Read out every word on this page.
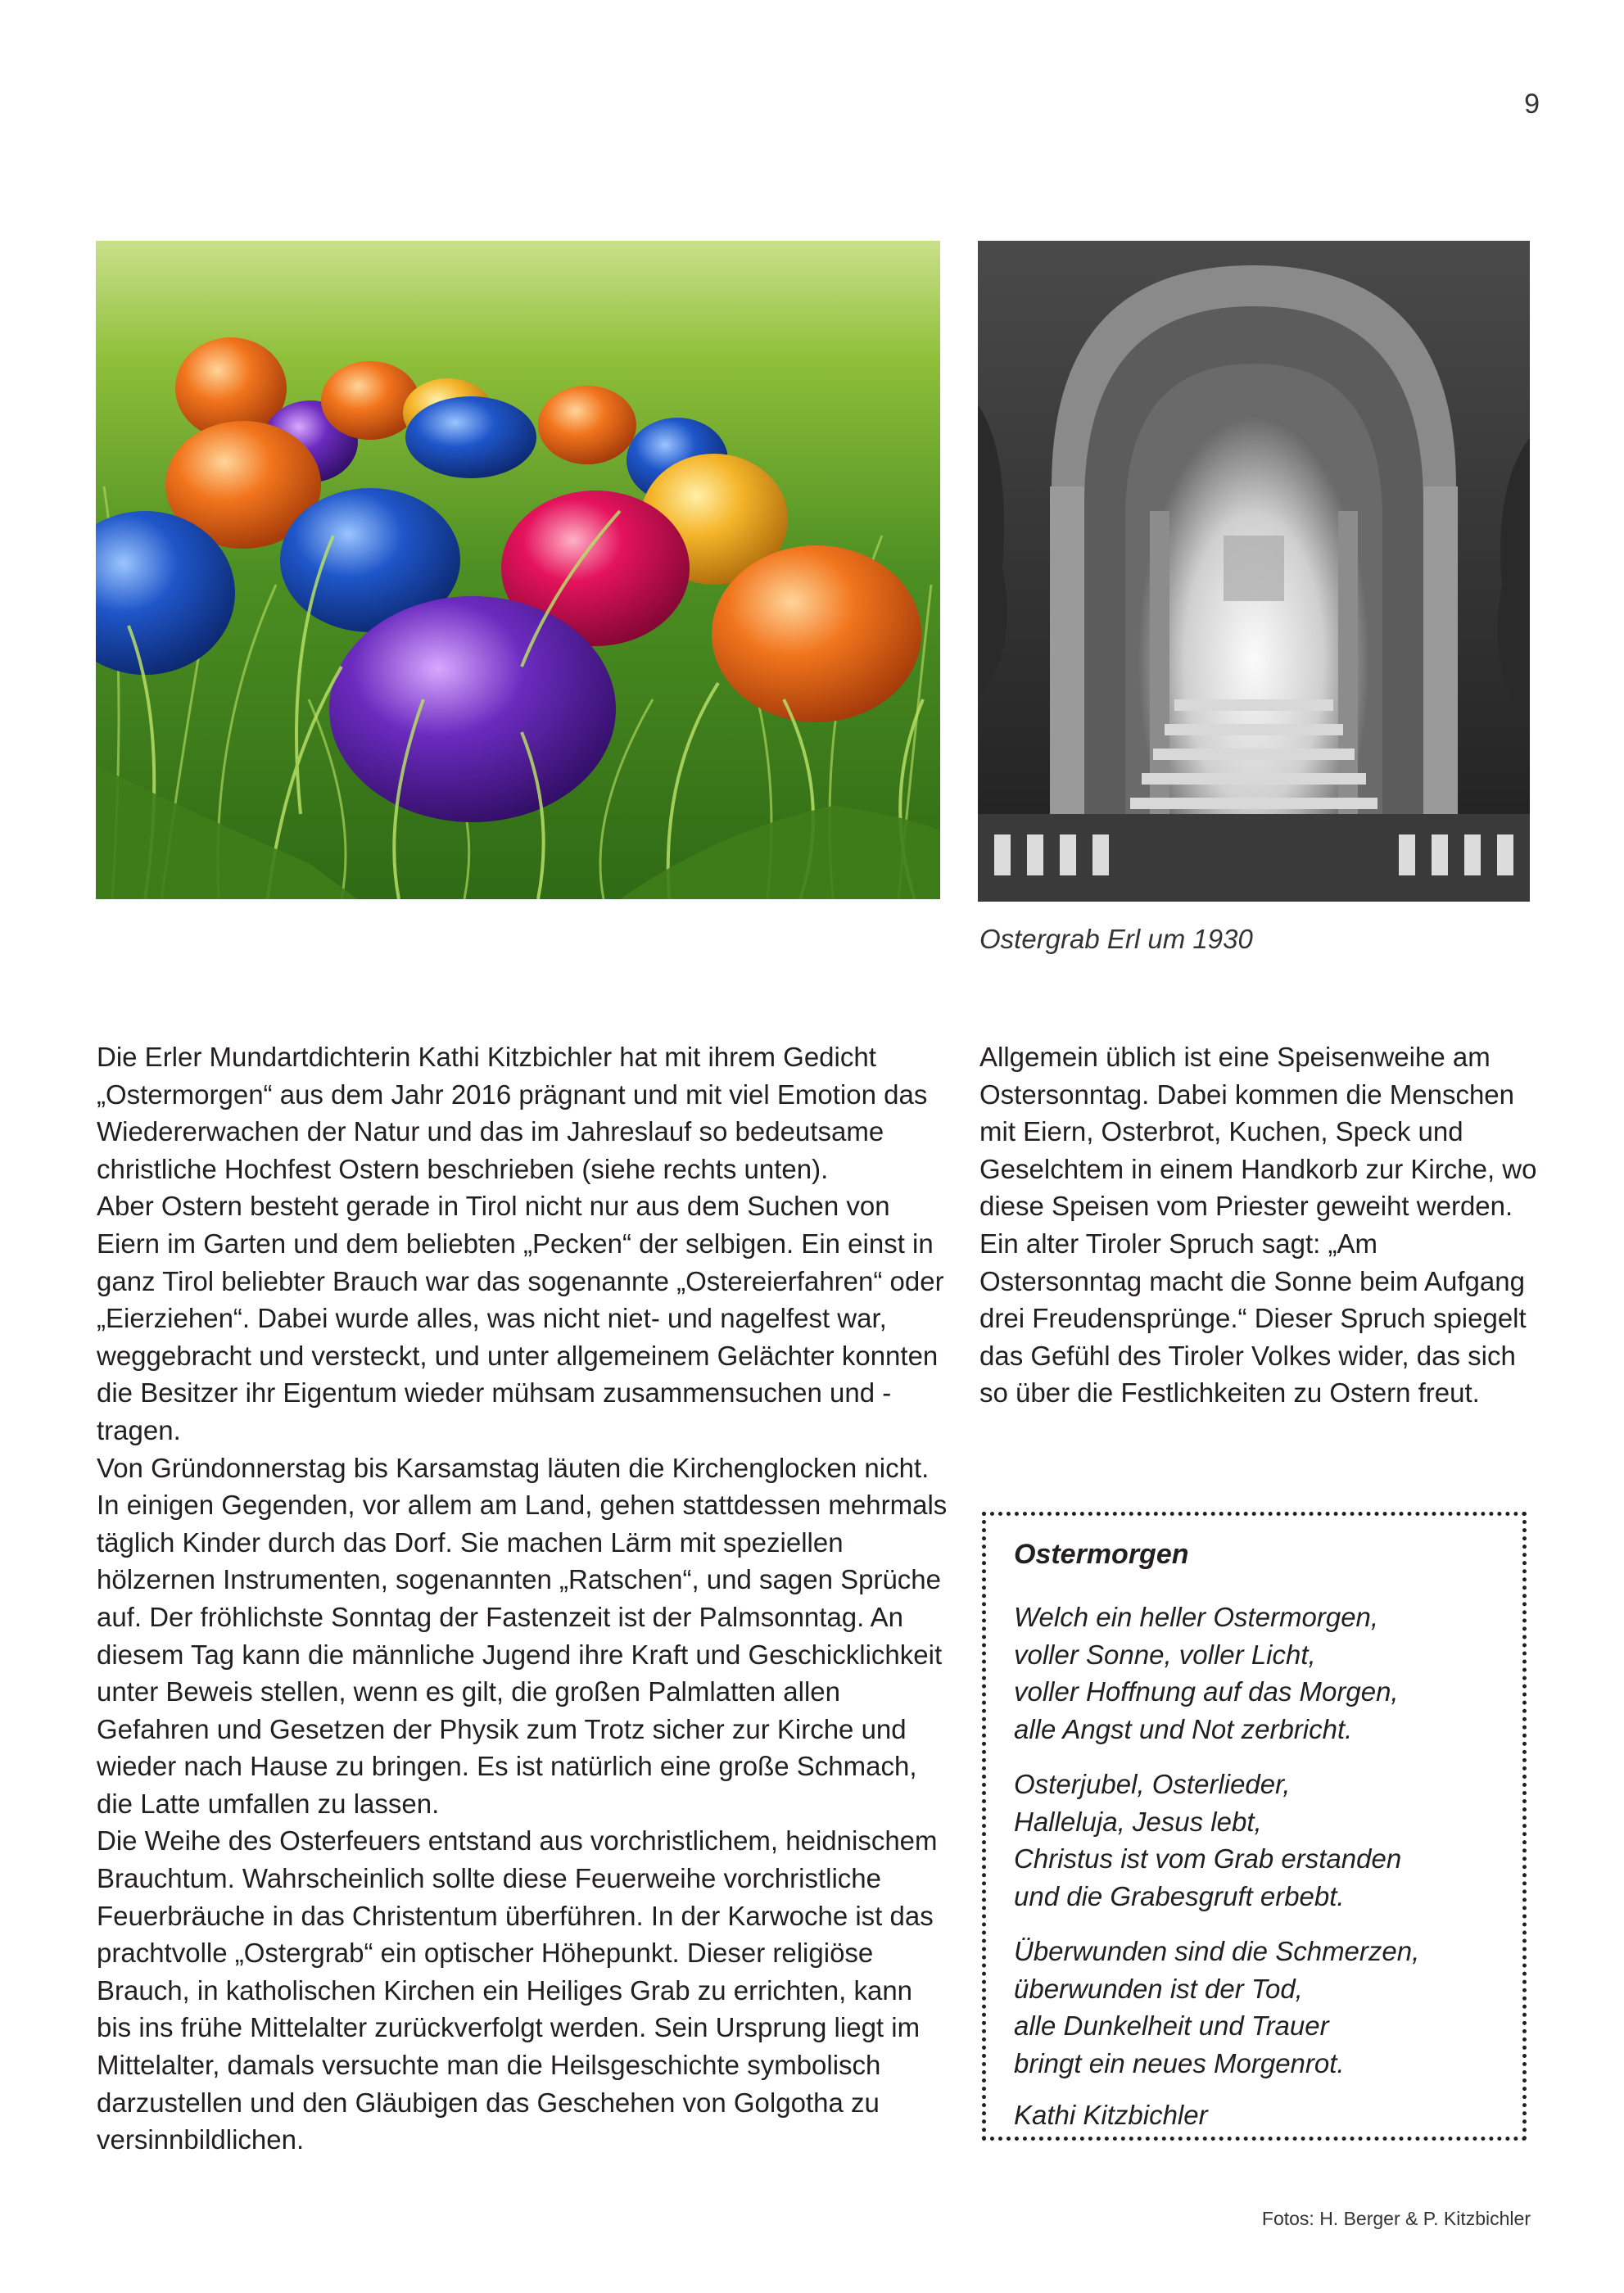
9
Ostergrab Erl um 1930

Die Erler Mundartdichterin Kathi Kitzbichler hat mit ihrem Gedicht „Ostermorgen“ aus dem Jahr 2016 prägnant und mit viel Emotion das Wiedererwachen der Natur und das im Jahreslauf so bedeutsame christliche Hochfest Ostern beschrieben (siehe rechts unten).

Aber Ostern besteht gerade in Tirol nicht nur aus dem Suchen von Eiern im Garten und dem beliebten „Pecken“ der selbigen. Ein einst in ganz Tirol beliebter Brauch war das sogenannte „Ostereierfahren“ oder „Eierziehen“. Dabei wurde alles, was nicht niet- und nagelfest war, weggebracht und versteckt, und unter allgemeinem Gelächter konnten die Besitzer ihr Eigentum wieder mühsam zusammensuchen und -tragen.

Von Gründonnerstag bis Karsamstag läuten die Kirchenglocken nicht. In einigen Gegenden, vor allem am Land, gehen stattdessen mehrmals täglich Kinder durch das Dorf. Sie machen Lärm mit speziellen hölzernen Instrumenten, sogenannten „Ratschen“, und sagen Sprüche auf. Der fröhlichste Sonntag der Fastenzeit ist der Palmsonntag. An diesem Tag kann die männliche Jugend ihre Kraft und Geschicklichkeit unter Beweis stellen, wenn es gilt, die großen Palmlatten allen Gefahren und Gesetzen der Physik zum Trotz sicher zur Kirche und wieder nach Hause zu bringen. Es ist natürlich eine große Schmach, die Latte umfallen zu lassen.

Die Weihe des Osterfeuers entstand aus vorchristlichem, heidnischem Brauchtum. Wahrscheinlich sollte diese Feuerweihe vorchristliche Feuerbräuche in das Christentum überführen. In der Karwoche ist das prachtvolle „Ostergrab“ ein optischer Höhepunkt. Dieser religiöse Brauch, in katholischen Kirchen ein Heiliges Grab zu errichten, kann bis ins frühe Mittelalter zurückverfolgt werden. Sein Ursprung liegt im Mittelalter, damals versuchte man die Heilsgeschichte symbolisch darzustellen und den Gläubigen das Geschehen von Golgotha zu versinnbildlichen.

Allgemein üblich ist eine Speisenweihe am Ostersonntag. Dabei kommen die Menschen mit Eiern, Osterbrot, Kuchen, Speck und Geselchtem in einem Handkorb zur Kirche, wo diese Speisen vom Priester geweiht werden. Ein alter Tiroler Spruch sagt: „Am Ostersonntag macht die Sonne beim Aufgang drei Freudensprünge.“ Dieser Spruch spiegelt das Gefühl des Tiroler Volkes wider, das sich so über die Festlichkeiten zu Ostern freut.

Ostermorgen
Welch ein heller Ostermorgen,
voller Sonne, voller Licht,
voller Hoffnung auf das Morgen,
alle Angst und Not zerbricht.
Osterjubel, Osterlieder,
Halleluja, Jesus lebt,
Christus ist vom Grab erstanden
und die Grabesgruft erbebt.
Überwunden sind die Schmerzen,
überwunden ist der Tod,
alle Dunkelheit und Trauer
bringt ein neues Morgenrot.
Kathi Kitzbichler
Fotos: H. Berger & P. Kitzbichler
